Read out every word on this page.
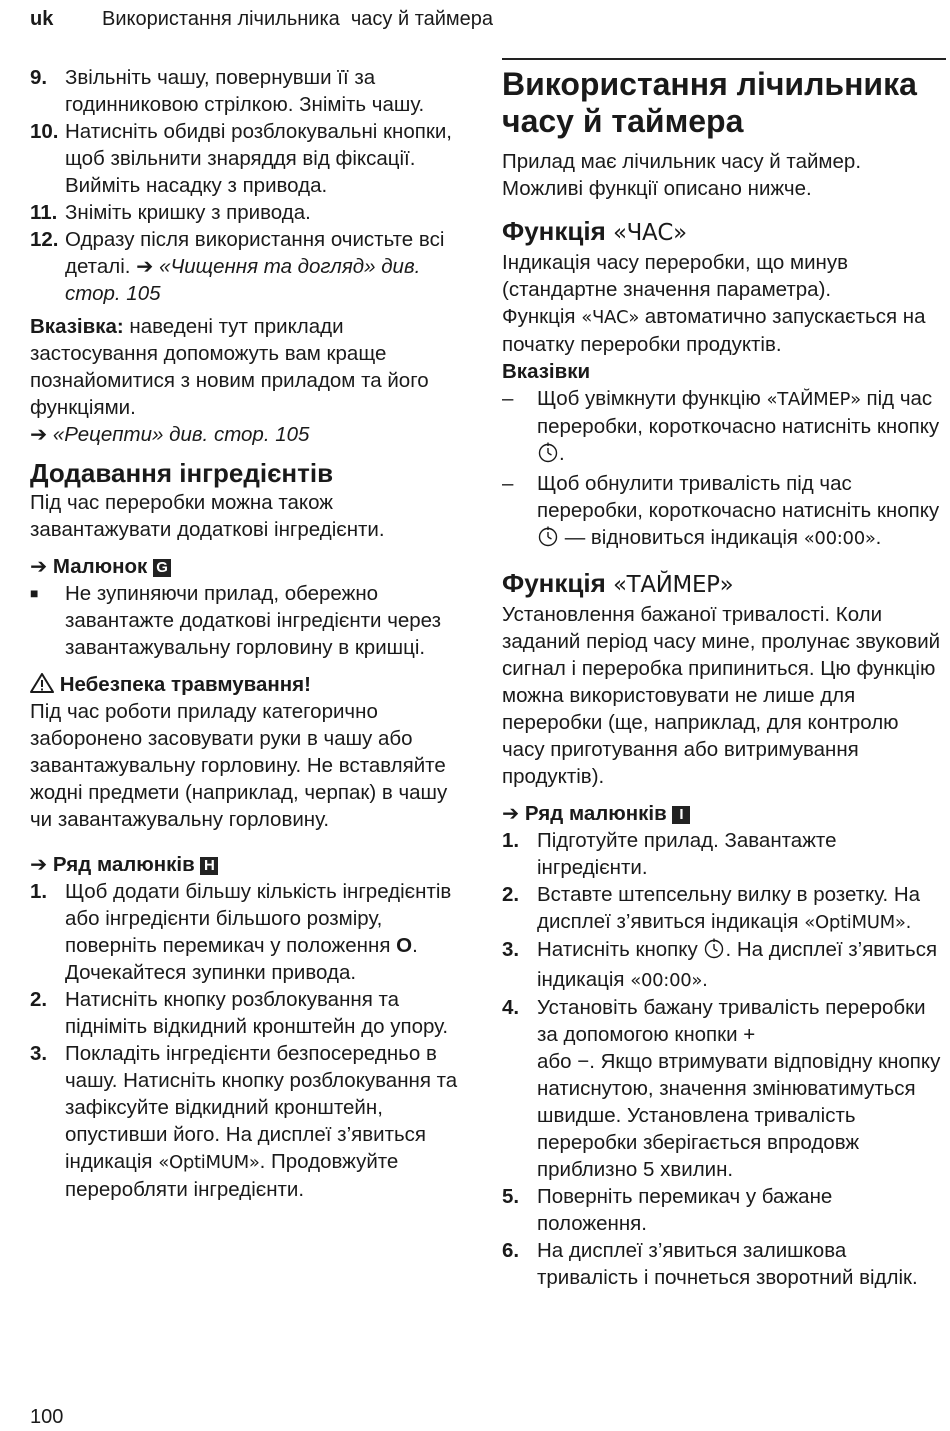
uk Використання лічильника  часу й таймера
9. Звільніть чашу, повернувши її за годинниковою стрілкою. Зніміть чашу.
10. Натисніть обидві розблокувальні кнопки, щоб звільнити знаряддя від фіксації. Вийміть насадку з привода.
11. Зніміть кришку з привода.
12. Одразу після використання очистьте всі деталі. ➔ «Чищення та догляд» див. стор. 105

Вказівка: наведені тут приклади застосування допоможуть вам краще познайомитися з новим приладом та його функціями.
➔ «Рецепти» див. стор. 105

Додавання інгредієнтів

Під час переробки можна також завантажувати додаткові інгредієнти.

➔ Малюнок G

■	Не зупиняючи прилад, обережно завантажте додаткові інгредієнти через завантажувальну горловину в кришці.

Небезпека травмування!

Під час роботи приладу категорично заборонено засовувати руки в чашу або завантажувальну горловину. Не вставляйте жодні предмети (наприклад, черпак) в чашу чи завантажувальну горловину.

➔ Ряд малюнків H

1. Щоб додати більшу кількість інгредієнтів або інгредієнти більшого розміру, поверніть перемикач у положення O. Дочекайтеся зупинки привода.
2. Натисніть кнопку розблокування та підніміть відкидний кронштейн до упору.
3. Покладіть інгредієнти безпосередньо в чашу. Натисніть кнопку розблокування та зафіксуйте відкидний кронштейн, опустивши його. На дисплеї з’явиться індикація «OptiMUM». Продовжуйте переробляти інгредієнти.
Використання лічильника часу й таймера

Прилад має лічильник часу й таймер. Можливі функції описано нижче.

Функція «ЧАС»

Індикація часу переробки, що минув (стандартне значення параметра).

Функція «ЧАС» автоматично запускається на початку переробки продуктів.

Вказівки

–	Щоб увімкнути функцію «ТАЙМЕР» під час переробки, короткочасно натисніть кнопку .
–	Щоб обнулити тривалість під час переробки, короткочасно натисніть кнопку  — відновиться індикація «00:00».
Функція «ТАЙМЕР»

Установлення бажаної тривалості. Коли заданий період часу мине, пролунає звуковий сигнал і переробка припиниться. Цю функцію можна використовувати не лише для переробки (ще, наприклад, для контролю часу приготування або витримування продуктів).

➔ Ряд малюнків I

1. Підготуйте прилад. Завантажте інгредієнти.
2. Вставте штепсельну вилку в розетку. На дисплеї з’явиться індикація «OptiMUM».
3. Натисніть кнопку . На дисплеї з’явиться індикація «00:00».
4. Установіть бажану тривалість переробки за допомогою кнопки +
або −. Якщо втримувати відповідну кнопку натиснутою, значення змінюватимуться швидше. Установлена тривалість переробки зберігається впродовж приблизно 5 хвилин.
5. Поверніть перемикач у бажане положення.
6. На дисплеї з’явиться залишкова тривалість і почнеться зворотний відлік.
100
